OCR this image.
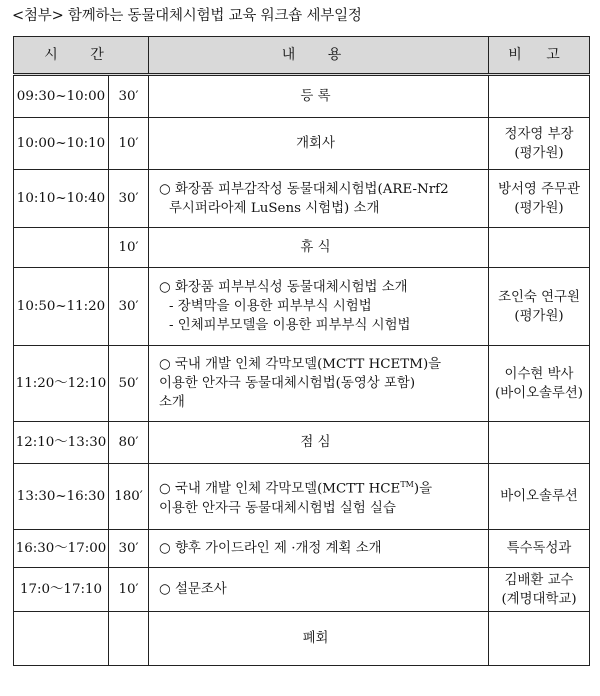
<첨부> 함께하는 동물대체시험법 교육 워크숍 세부일정
시 간		내 용	비 고
09:30~10:00	30′	등 록	
10:00~10:10	10′	개회사	정자영 부장
(평가원)

10:10~10:40	30′	○ 화장품 피부감작성 동물대체시험법(ARE-Nrf2
루시퍼라아제 LuSens 시험법) 소개	방서영 주무관
(평가원)

	10′	휴 식	
10:50~11:20	30′	○ 화장품 피부부식성 동물대체시험법 소개
- 장벽막을 이용한 피부부식 시험법
- 인체피부모델을 이용한 피부부식 시험법	조인숙 연구원
(평가원)

11:20～12:10	50′	○ 국내 개발 인체 각막모델(MCTT HCETM)을
이용한 안자극 동물대체시험법(동영상 포함)
소개	이수현 박사
(바이오솔루션)

12:10～13:30	80′	점 심	
13:30~16:30	180′	○ 국내 개발 인체 각막모델(MCTT HCE™)을
이용한 안자극 동물대체시험법 실험 실습	바이오솔루션

16:30～17:00	30′	○ 향후 가이드라인 제 ·개정 계획 소개	특수독성과

17:0～17:10	10′	○ 설문조사	김배환 교수
(계명대학교)

		폐회	
